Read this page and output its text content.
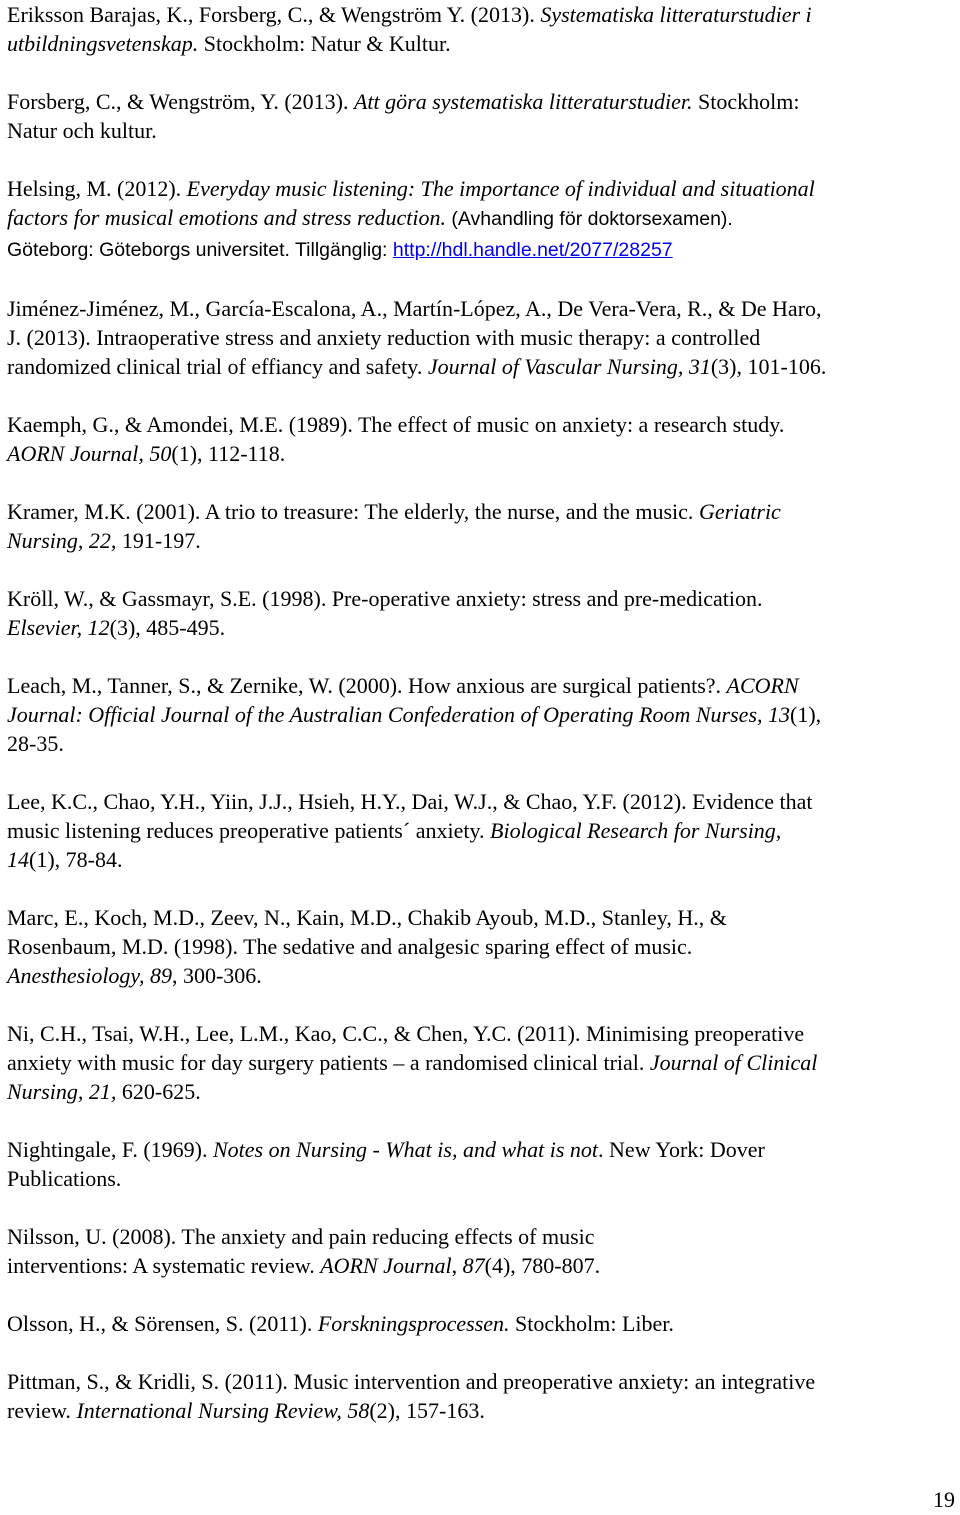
Eriksson Barajas, K., Forsberg, C., & Wengström Y. (2013). Systematiska litteraturstudier i
utbildningsvetenskap. Stockholm: Natur & Kultur.
Forsberg, C., & Wengström, Y. (2013). Att göra systematiska litteraturstudier. Stockholm:
Natur och kultur.
Helsing, M. (2012). Everyday music listening: The importance of individual and situational
factors for musical emotions and stress reduction. (Avhandling för doktorsexamen).
Göteborg: Göteborgs universitet. Tillgänglig: http://hdl.handle.net/2077/28257
Jiménez-Jiménez, M., García-Escalona, A., Martín-López, A., De Vera-Vera, R., & De Haro,
J. (2013). Intraoperative stress and anxiety reduction with music therapy: a controlled
randomized clinical trial of effiancy and safety. Journal of Vascular Nursing, 31(3), 101-106.
Kaemph, G., & Amondei, M.E. (1989). The effect of music on anxiety: a research study.
AORN Journal, 50(1), 112-118.
Kramer, M.K. (2001). A trio to treasure: The elderly, the nurse, and the music. Geriatric
Nursing, 22, 191-197.
Kröll, W., & Gassmayr, S.E. (1998). Pre-operative anxiety: stress and pre-medication.
Elsevier, 12(3), 485-495.
Leach, M., Tanner, S., & Zernike, W. (2000). How anxious are surgical patients?. ACORN
Journal: Official Journal of the Australian Confederation of Operating Room Nurses, 13(1),
28-35.
Lee, K.C., Chao, Y.H., Yiin, J.J., Hsieh, H.Y., Dai, W.J., & Chao, Y.F. (2012). Evidence that
music listening reduces preoperative patients´ anxiety. Biological Research for Nursing,
14(1), 78-84.
Marc, E., Koch, M.D., Zeev, N., Kain, M.D., Chakib Ayoub, M.D., Stanley, H., &
Rosenbaum, M.D. (1998). The sedative and analgesic sparing effect of music.
Anesthesiology, 89, 300-306.
Ni, C.H., Tsai, W.H., Lee, L.M., Kao, C.C., & Chen, Y.C. (2011). Minimising preoperative
anxiety with music for day surgery patients – a randomised clinical trial. Journal of Clinical
Nursing, 21, 620-625.
Nightingale, F. (1969). Notes on Nursing - What is, and what is not. New York: Dover
Publications.
Nilsson, U. (2008). The anxiety and pain reducing effects of music
interventions: A systematic review. AORN Journal, 87(4), 780-807.
Olsson, H., & Sörensen, S. (2011). Forskningsprocessen. Stockholm: Liber.
Pittman, S., & Kridli, S. (2011). Music intervention and preoperative anxiety: an integrative
review. International Nursing Review, 58(2), 157-163.
19
